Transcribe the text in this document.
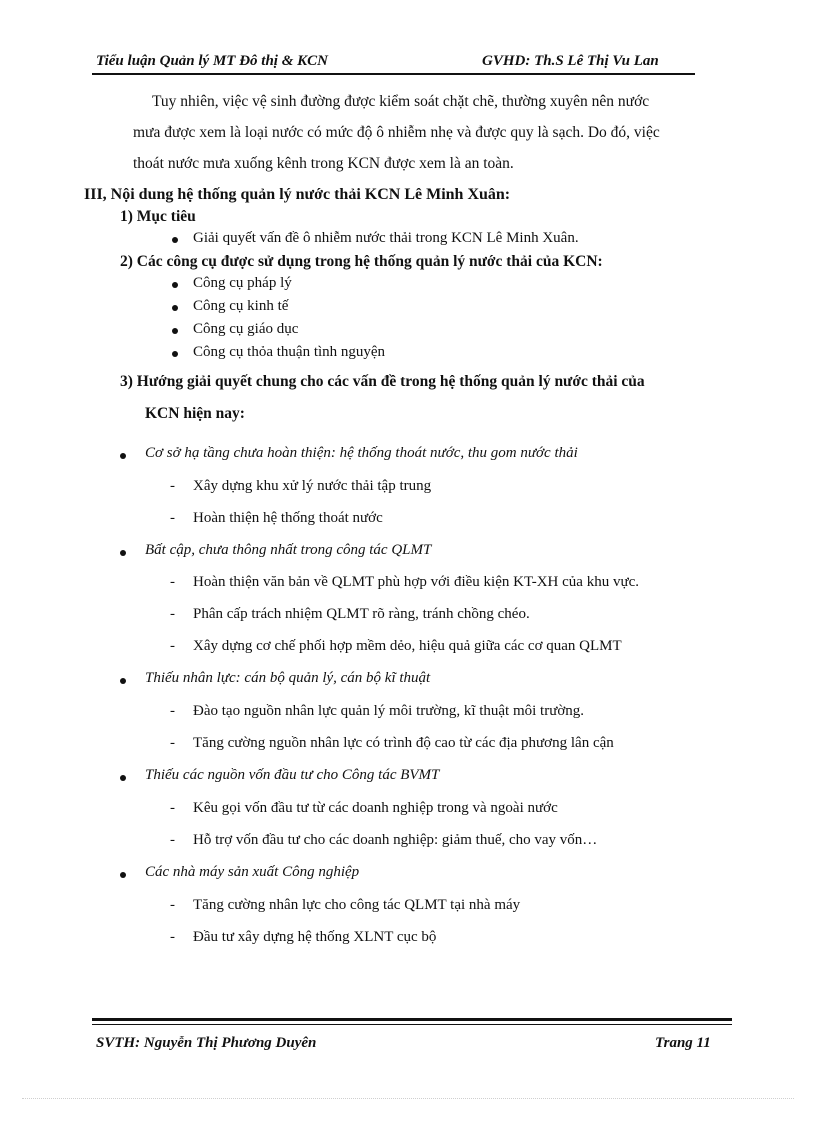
Tiểu luận Quản lý MT Đô thị & KCN	GVHD: Th.S Lê Thị Vu Lan
Tuy nhiên, việc vệ sinh đường được kiểm soát chặt chẽ, thường xuyên nên nước
mưa được xem là loại nước có mức độ ô nhiễm nhẹ và được quy là sạch. Do đó, việc
thoát nước mưa xuống kênh trong KCN được xem là an toàn.
III, Nội dung hệ thống quản lý nước thải KCN Lê Minh Xuân:
1) Mục tiêu
Giải quyết vấn đề ô nhiễm nước thải trong KCN Lê Minh Xuân.
2) Các công cụ được sử dụng trong hệ thống quản lý nước thải của KCN:
Công cụ pháp lý
Công cụ kinh tế
Công cụ giáo dục
Công cụ thỏa thuận tình nguyện
3) Hướng giải quyết chung cho các vấn đề trong hệ thống quản lý nước thải của
KCN hiện nay:
Cơ sở hạ tầng chưa hoàn thiện: hệ thống thoát nước, thu gom nước thải
- Xây dựng khu xử lý nước thải tập trung
- Hoàn thiện hệ thống thoát nước
Bất cập, chưa thông nhất trong công tác QLMT
- Hoàn thiện văn bản về QLMT phù hợp với điều kiện KT-XH của khu vực.
- Phân cấp trách nhiệm QLMT rõ ràng, tránh chồng chéo.
- Xây dựng cơ chế phối hợp mềm dẻo, hiệu quả giữa các cơ quan QLMT
Thiếu nhân lực: cán bộ quản lý, cán bộ kĩ thuật
- Đào tạo nguồn nhân lực quản lý môi trường, kĩ thuật môi trường.
- Tăng cường nguồn nhân lực có trình độ cao từ các địa phương lân cận
Thiếu các nguồn vốn đầu tư cho Công tác BVMT
- Kêu gọi vốn đầu tư từ các doanh nghiệp trong và ngoài nước
- Hỗ trợ vốn đầu tư cho các doanh nghiệp: giảm thuế, cho vay vốn…
Các nhà máy sản xuất Công nghiệp
- Tăng cường nhân lực cho công tác QLMT tại nhà máy
- Đầu tư xây dựng hệ thống XLNT cục bộ
SVTH: Nguyễn Thị Phương Duyên	Trang 11
